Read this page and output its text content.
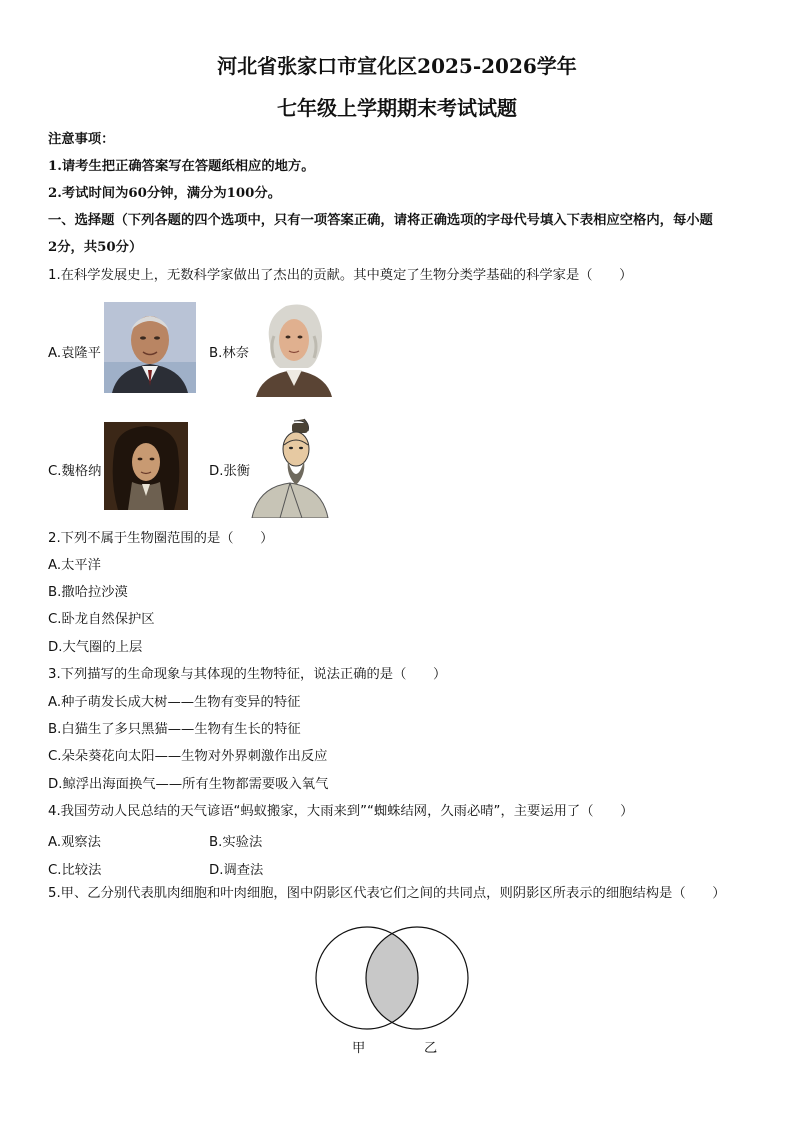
河北省张家口市宣化区2025-2026学年
七年级上学期期末考试试题
注意事项：
1.请考生把正确答案写在答题纸相应的地方。
2.考试时间为60分钟，满分为100分。
一、选择题（下列各题的四个选项中，只有一项答案正确，请将正确选项的字母代号填入下表相应空格内，每小题
2分，共50分）
1.在科学发展史上，无数科学家做出了杰出的贡献。其中奠定了生物分类学基础的科学家是（　　）
A.袁隆平	B.林奈
C.魏格纳	D.张衡
2.下列不属于生物圈范围的是（　　）
A.太平洋
B.撒哈拉沙漠
C.卧龙自然保护区
D.大气圈的上层
3.下列描写的生命现象与其体现的生物特征，说法正确的是（　　）
A.种子萌发长成大树——生物有变异的特征
B.白猫生了多只黑猫——生物有生长的特征
C.朵朵葵花向太阳——生物对外界刺激作出反应
D.鲸浮出海面换气——所有生物都需要吸入氧气
4.我国劳动人民总结的天气谚语“蚂蚁搬家，大雨来到”“蜘蛛结网，久雨必晴”，主要运用了（　　）
A.观察法	B.实验法
C.比较法	D.调查法
5.甲、乙分别代表肌肉细胞和叶肉细胞，图中阴影区代表它们之间的共同点，则阴影区所表示的细胞结构是（　　）
甲	乙
